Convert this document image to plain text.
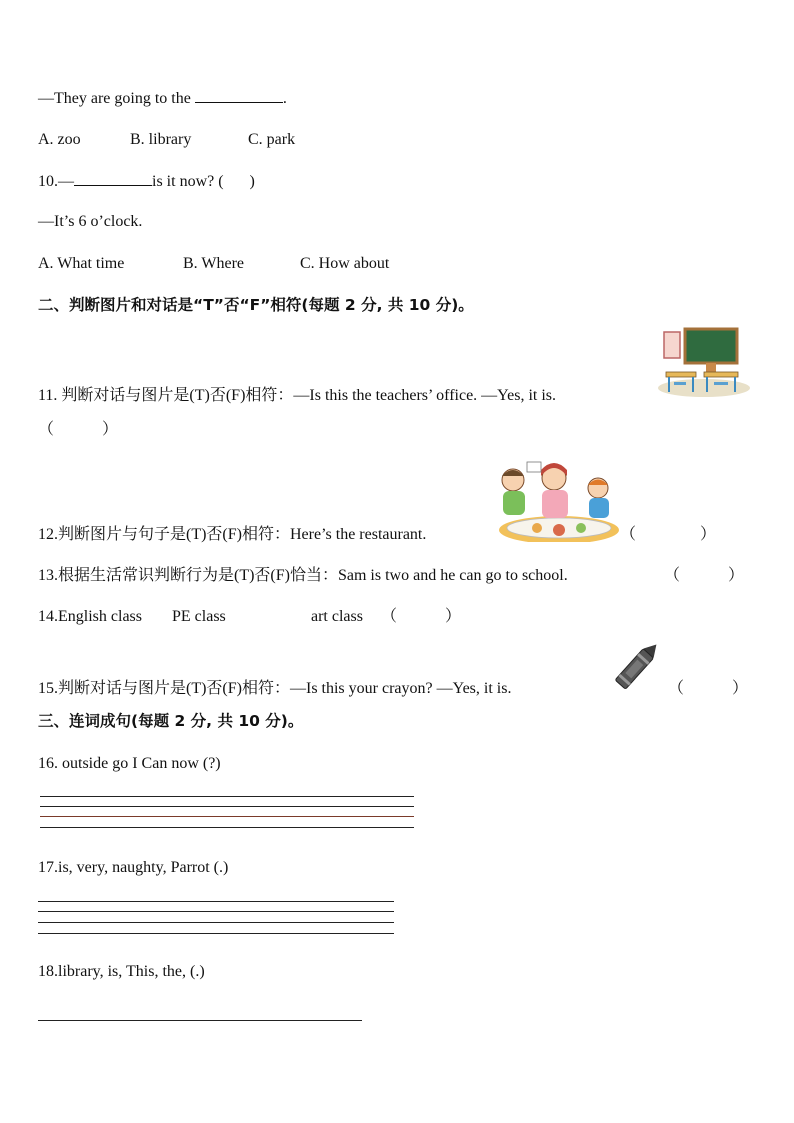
—They are going to the	.
A. zoo	B. library	C. park
10.—	is it now? ( )
—It’s 6 o’clock.
A. What time	B. Where	C. How about
二、判断图片和对话是“T”否“F”相符(每题 2 分, 共 10 分)。
11. 判断对话与图片是(T)否(F)相符：—Is this the teachers’ office. —Yes, it is.
（　　　）
12.判断图片与句子是(T)否(F)相符：Here’s the restaurant.	（　　　　）
13.根据生活常识判断行为是(T)否(F)恰当：Sam is two and he can go to school.	（　　　）
14.English class PE class	art class （　　　）
15.判断对话与图片是(T)否(F)相符：—Is this your crayon? —Yes, it is.	（　　　）
三、连词成句(每题 2 分, 共 10 分)。
16. outside go I Can now (?)
17.is, very, naughty, Parrot (.)
18.library, is, This, the, (.)
